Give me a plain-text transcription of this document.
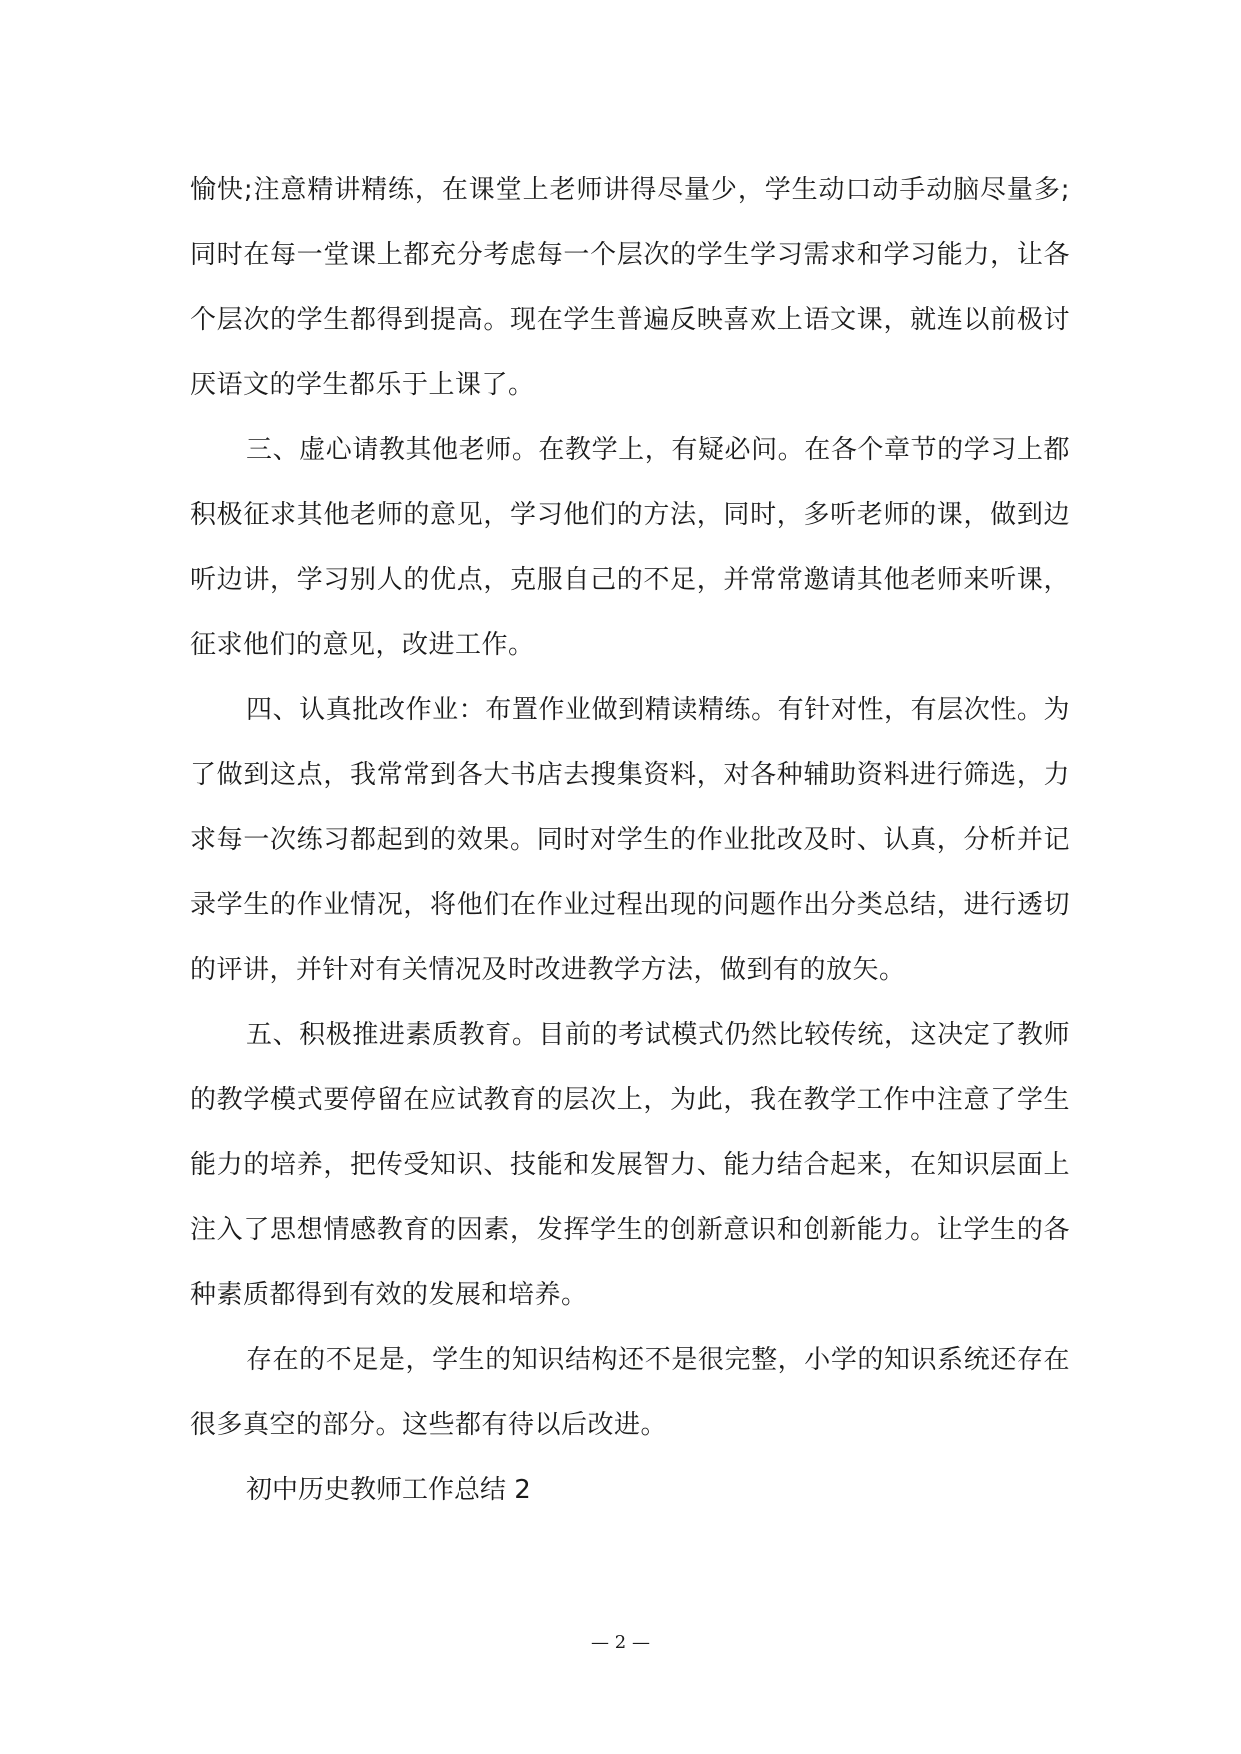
愉快;注意精讲精练，在课堂上老师讲得尽量少，学生动口动手动脑尽量多;同时在每一堂课上都充分考虑每一个层次的学生学习需求和学习能力，让各个层次的学生都得到提高。现在学生普遍反映喜欢上语文课，就连以前极讨厌语文的学生都乐于上课了。

三、虚心请教其他老师。在教学上，有疑必问。在各个章节的学习上都积极征求其他老师的意见，学习他们的方法，同时，多听老师的课，做到边听边讲，学习别人的优点，克服自己的不足，并常常邀请其他老师来听课，征求他们的意见，改进工作。

四、认真批改作业：布置作业做到精读精练。有针对性，有层次性。为了做到这点，我常常到各大书店去搜集资料，对各种辅助资料进行筛选，力求每一次练习都起到的效果。同时对学生的作业批改及时、认真，分析并记录学生的作业情况，将他们在作业过程出现的问题作出分类总结，进行透切的评讲，并针对有关情况及时改进教学方法，做到有的放矢。

五、积极推进素质教育。目前的考试模式仍然比较传统，这决定了教师的教学模式要停留在应试教育的层次上，为此，我在教学工作中注意了学生能力的培养，把传受知识、技能和发展智力、能力结合起来，在知识层面上注入了思想情感教育的因素，发挥学生的创新意识和创新能力。让学生的各种素质都得到有效的发展和培养。

存在的不足是，学生的知识结构还不是很完整，小学的知识系统还存在很多真空的部分。这些都有待以后改进。

初中历史教师工作总结 2

— 2 —
